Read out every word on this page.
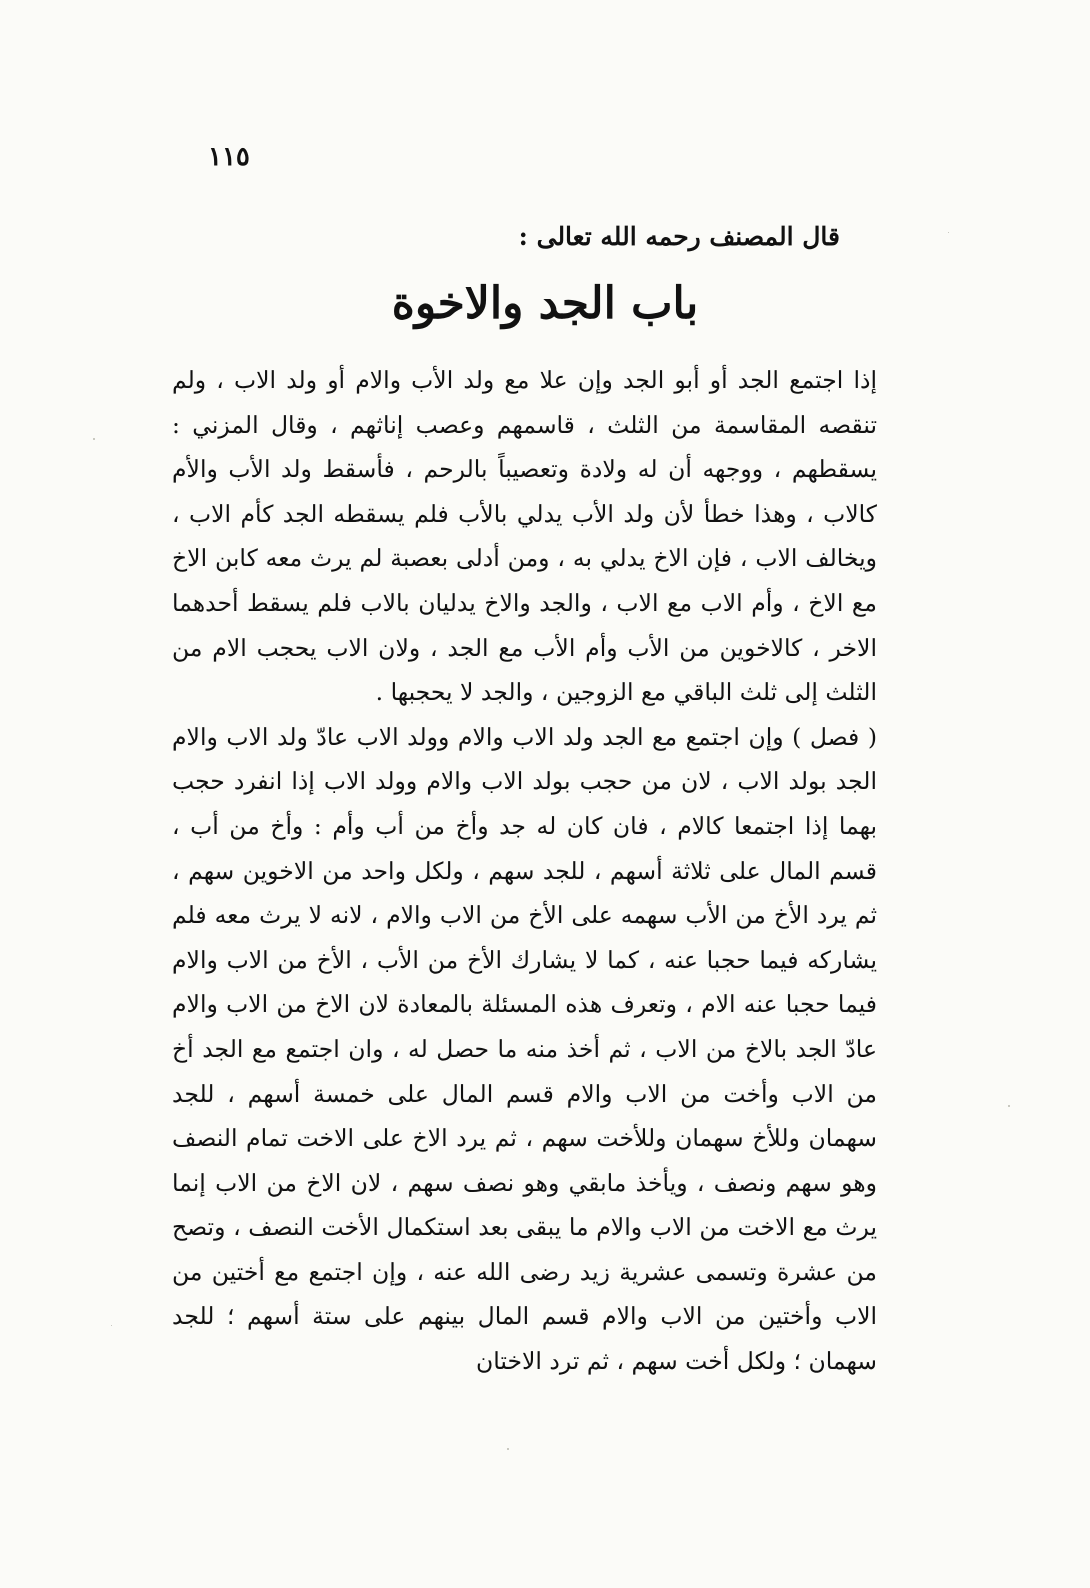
١١٥
قال المصنف رحمه الله تعالى :
باب الجد والاخوة

إذا اجتمع الجد أو أبو الجد وإن علا مع ولد الأب والام أو ولد الاب ، ولم تنقصه المقاسمة من الثلث ، قاسمهم وعصب إناثهم ، وقال المزني : يسقطهم ، ووجهه أن له ولادة وتعصيباً بالرحم ، فأسقط ولد الأب والأم كالاب ، وهذا خطأ لأن ولد الأب يدلي بالأب فلم يسقطه الجد كأم الاب ، ويخالف الاب ، فإن الاخ يدلي به ، ومن أدلى بعصبة لم يرث معه كابن الاخ مع الاخ ، وأم الاب مع الاب ، والجد والاخ يدليان بالاب فلم يسقط أحدهما الاخر ، كالاخوين من الأب وأم الأب مع الجد ، ولان الاب يحجب الام من الثلث إلى ثلث الباقي مع الزوجين ، والجد لا يحجبها .

( فصل ) وإن اجتمع مع الجد ولد الاب والام وولد الاب عادّ ولد الاب والام الجد بولد الاب ، لان من حجب بولد الاب والام وولد الاب إذا انفرد حجب بهما إذا اجتمعا كالام ، فان كان له جد وأخ من أب وأم : وأخ من أب ، قسم المال على ثلاثة أسهم ، للجد سهم ، ولكل واحد من الاخوين سهم ، ثم يرد الأخ من الأب سهمه على الأخ من الاب والام ، لانه لا يرث معه فلم يشاركه فيما حجبا عنه ، كما لا يشارك الأخ من الأب ، الأخ من الاب والام فيما حجبا عنه الام ، وتعرف هذه المسئلة بالمعادة لان الاخ من الاب والام عادّ الجد بالاخ من الاب ، ثم أخذ منه ما حصل له ، وان اجتمع مع الجد أخ من الاب وأخت من الاب والام قسم المال على خمسة أسهم ، للجد سهمان وللأخ سهمان وللأخت سهم ، ثم يرد الاخ على الاخت تمام النصف وهو سهم ونصف ، ويأخذ مابقي وهو نصف سهم ، لان الاخ من الاب إنما يرث مع الاخت من الاب والام ما يبقى بعد استكمال الأخت النصف ، وتصح من عشرة وتسمى عشرية زيد رضى الله عنه ، وإن اجتمع مع أختين من الاب وأختين من الاب والام قسم المال بينهم على ستة أسهم ؛ للجد سهمان ؛ ولكل أخت سهم ، ثم ترد الاختان
